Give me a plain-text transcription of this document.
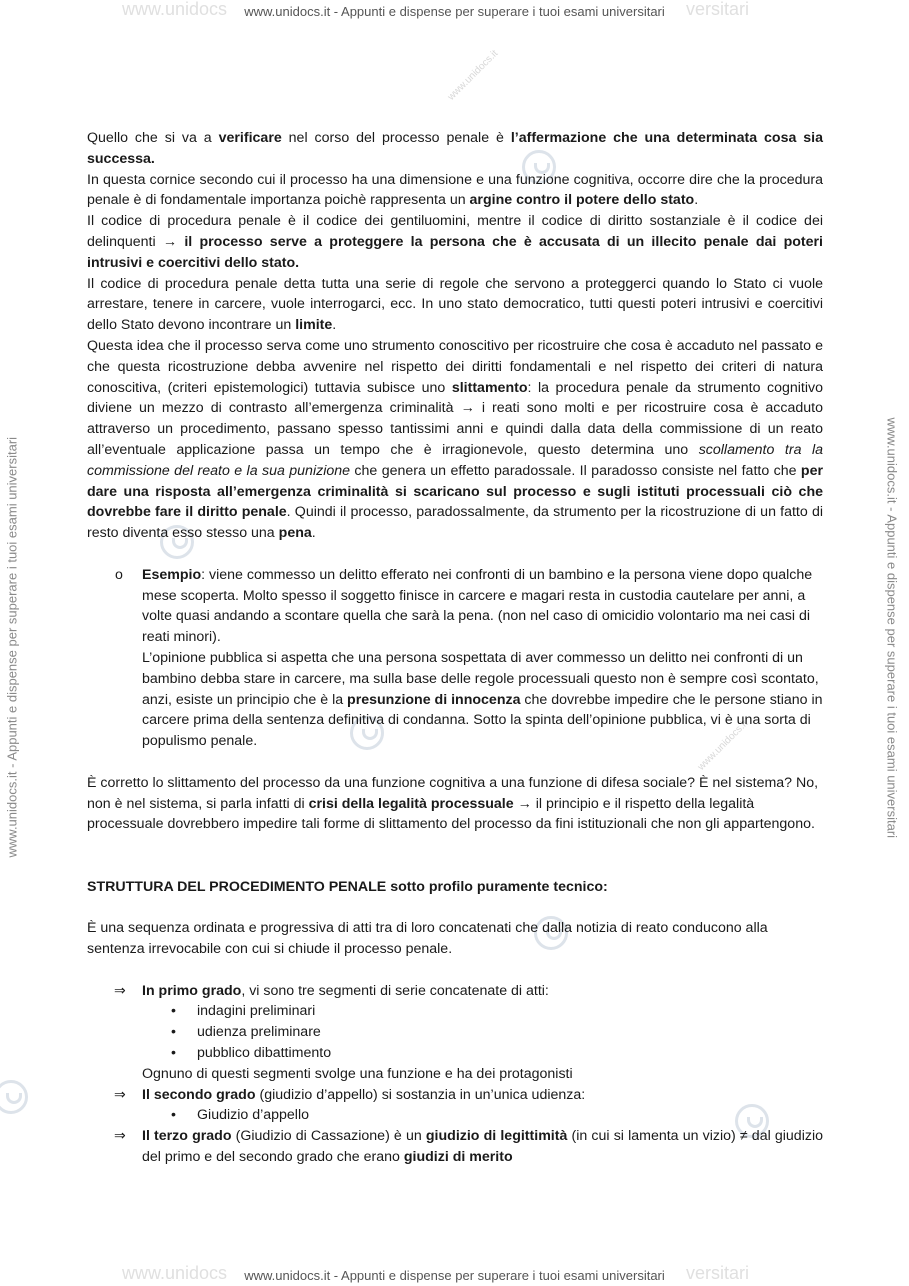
www.unidocs.it - Appunti e dispense per superare i tuoi esami universitari
www.unidocs.it - Appunti e dispense per superare i tuoi esami universitari
www.unidocs	versitari
www.unidocs	versitari
www.unidocs.it - Appunti e dispense per superare i tuoi esami universitari	www.unidocs.it - Appunti e dispense per superare i tuoi esami universitari
www.unidocs.it
www.unidocs.it

Quello che si va a verificare nel corso del processo penale è l’affermazione che una determinata cosa sia successa.

In questa cornice secondo cui il processo ha una dimensione e una funzione cognitiva, occorre dire che la procedura penale è di fondamentale importanza poichè rappresenta un argine contro il potere dello stato.

Il codice di procedura penale è il codice dei gentiluomini, mentre il codice di diritto sostanziale è il codice dei delinquenti → il processo serve a proteggere la persona che è accusata di un illecito penale dai poteri intrusivi e coercitivi dello stato.

Il codice di procedura penale detta tutta una serie di regole che servono a proteggerci quando lo Stato ci vuole arrestare, tenere in carcere, vuole interrogarci, ecc. In uno stato democratico, tutti questi poteri intrusivi e coercitivi dello Stato devono incontrare un limite.

Questa idea che il processo serva come uno strumento conoscitivo per ricostruire che cosa è accaduto nel passato e che questa ricostruzione debba avvenire nel rispetto dei diritti fondamentali e nel rispetto dei criteri di natura conoscitiva, (criteri epistemologici) tuttavia subisce uno slittamento: la procedura penale da strumento cognitivo diviene un mezzo di contrasto all’emergenza criminalità → i reati sono molti e per ricostruire cosa è accaduto attraverso un procedimento, passano spesso tantissimi anni e quindi dalla data della commissione di un reato all’eventuale applicazione passa un tempo che è irragionevole, questo determina uno scollamento tra la commissione del reato e la sua punizione che genera un effetto paradossale. Il paradosso consiste nel fatto che per dare una risposta all’emergenza criminalità si scaricano sul processo e sugli istituti processuali ciò che dovrebbe fare il diritto penale. Quindi il processo, paradossalmente, da strumento per la ricostruzione di un fatto di resto diventa esso stesso una pena.

o Esempio: viene commesso un delitto efferato nei confronti di un bambino e la persona viene dopo qualche mese scoperta. Molto spesso il soggetto finisce in carcere e magari resta in custodia cautelare per anni, a volte quasi andando a scontare quella che sarà la pena. (non nel caso di omicidio volontario ma nei casi di reati minori).

L’opinione pubblica si aspetta che una persona sospettata di aver commesso un delitto nei confronti di un bambino debba stare in carcere, ma sulla base delle regole processuali questo non è sempre così scontato, anzi, esiste un principio che è la presunzione di innocenza che dovrebbe impedire che le persone stiano in carcere prima della sentenza definitiva di condanna. Sotto la spinta dell’opinione pubblica, vi è una sorta di populismo penale.

È corretto lo slittamento del processo da una funzione cognitiva a una funzione di difesa sociale? È nel sistema? No, non è nel sistema, si parla infatti di crisi della legalità processuale → il principio e il rispetto della legalità processuale dovrebbero impedire tali forme di slittamento del processo da fini istituzionali che non gli appartengono.

STRUTTURA DEL PROCEDIMENTO PENALE sotto profilo puramente tecnico:

È una sequenza ordinata e progressiva di atti tra di loro concatenati che dalla notizia di reato conducono alla sentenza irrevocabile con cui si chiude il processo penale.

⇒ In primo grado, vi sono tre segmenti di serie concatenate di atti:

• indagini preliminari
• udienza preliminare
• pubblico dibattimento

Ognuno di questi segmenti svolge una funzione e ha dei protagonisti

⇒ Il secondo grado (giudizio d’appello) si sostanzia in un’unica udienza:

• Giudizio d’appello
⇒ Il terzo grado (Giudizio di Cassazione) è un giudizio di legittimità (in cui si lamenta un vizio) ≠ dal giudizio del primo e del secondo grado che erano giudizi di merito
